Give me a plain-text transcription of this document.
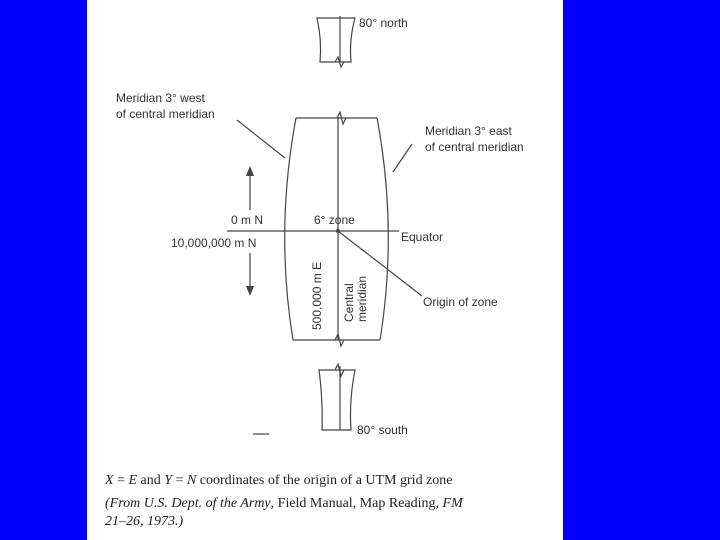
80° north
80° south
Meridian 3° west
of central meridian
Meridian 3° east
of central meridian
0 m N	6° zone
10,000,000 m N	Equator
Origin of zone
500,000 m E Central meridian
X = E and Y = N coordinates of the origin of a UTM grid zone
(From U.S. Dept. of the Army, Field Manual, Map Reading, FM
21–26, 1973.)
